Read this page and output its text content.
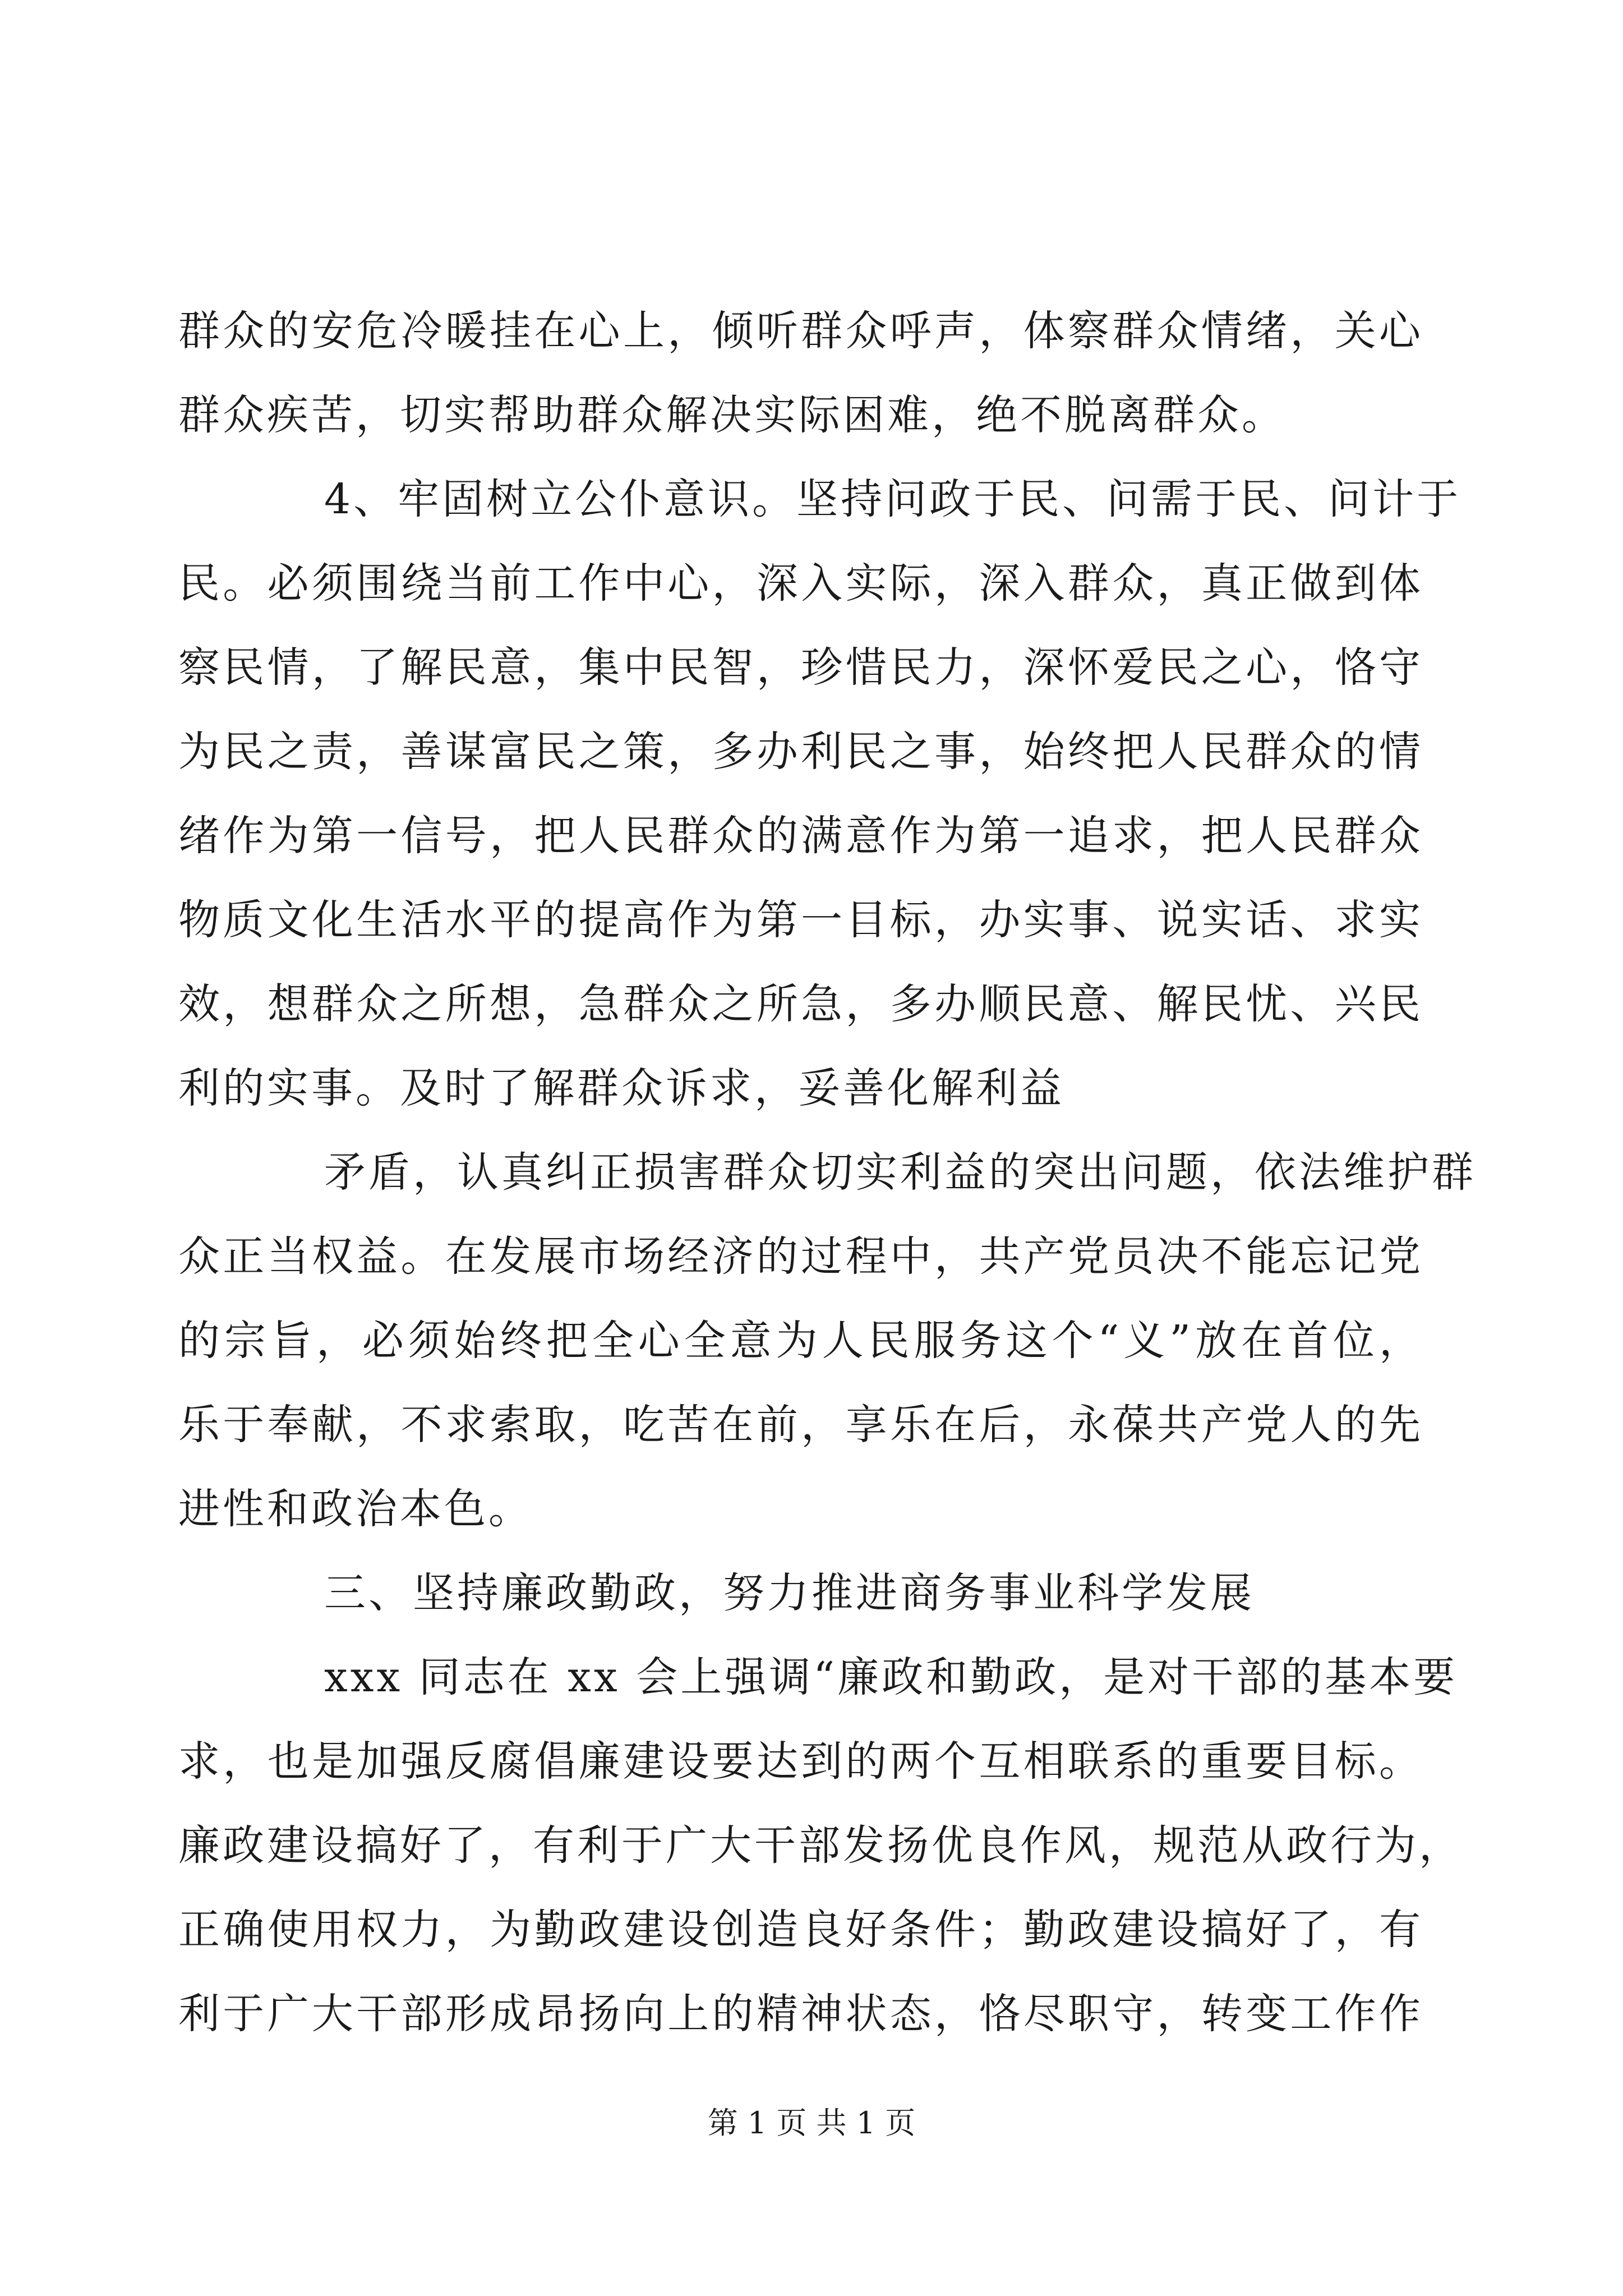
群众的安危冷暖挂在心上，倾听群众呼声，体察群众情绪，关心
群众疾苦，切实帮助群众解决实际困难，绝不脱离群众。
4、牢固树立公仆意识。坚持问政于民、问需于民、问计于
民。必须围绕当前工作中心，深入实际，深入群众，真正做到体
察民情，了解民意，集中民智，珍惜民力，深怀爱民之心，恪守
为民之责，善谋富民之策，多办利民之事，始终把人民群众的情
绪作为第一信号，把人民群众的满意作为第一追求，把人民群众
物质文化生活水平的提高作为第一目标，办实事、说实话、求实
效，想群众之所想，急群众之所急，多办顺民意、解民忧、兴民
利的实事。及时了解群众诉求，妥善化解利益
矛盾，认真纠正损害群众切实利益的突出问题，依法维护群
众正当权益。在发展市场经济的过程中，共产党员决不能忘记党
的宗旨，必须始终把全心全意为人民服务这个“义”放在首位，
乐于奉献，不求索取，吃苦在前，享乐在后，永葆共产党人的先
进性和政治本色。
三、坚持廉政勤政，努力推进商务事业科学发展
xxx 同志在 xx 会上强调“廉政和勤政，是对干部的基本要
求，也是加强反腐倡廉建设要达到的两个互相联系的重要目标。
廉政建设搞好了，有利于广大干部发扬优良作风，规范从政行为，
正确使用权力，为勤政建设创造良好条件；勤政建设搞好了，有
利于广大干部形成昂扬向上的精神状态，恪尽职守，转变工作作
第 1 页 共 1 页
